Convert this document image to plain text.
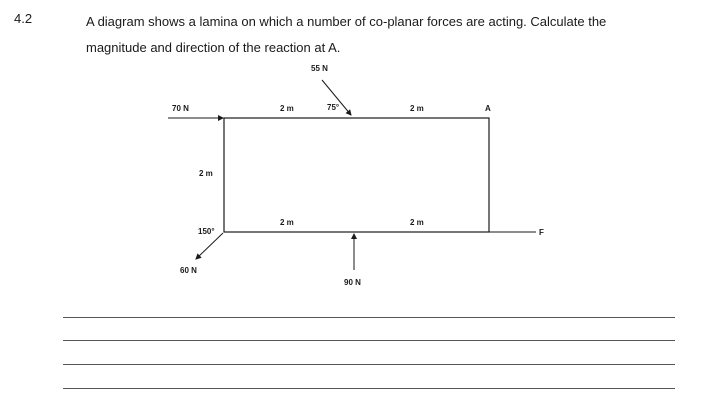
4.2	A diagram shows a lamina on which a number of co-planar forces are acting. Calculate the
magnitude and direction of the reaction at A.
70 N
55 N
75°
2 m	2 m	A
2 m
2 m	2 m
F
150°
60 N
90 N
